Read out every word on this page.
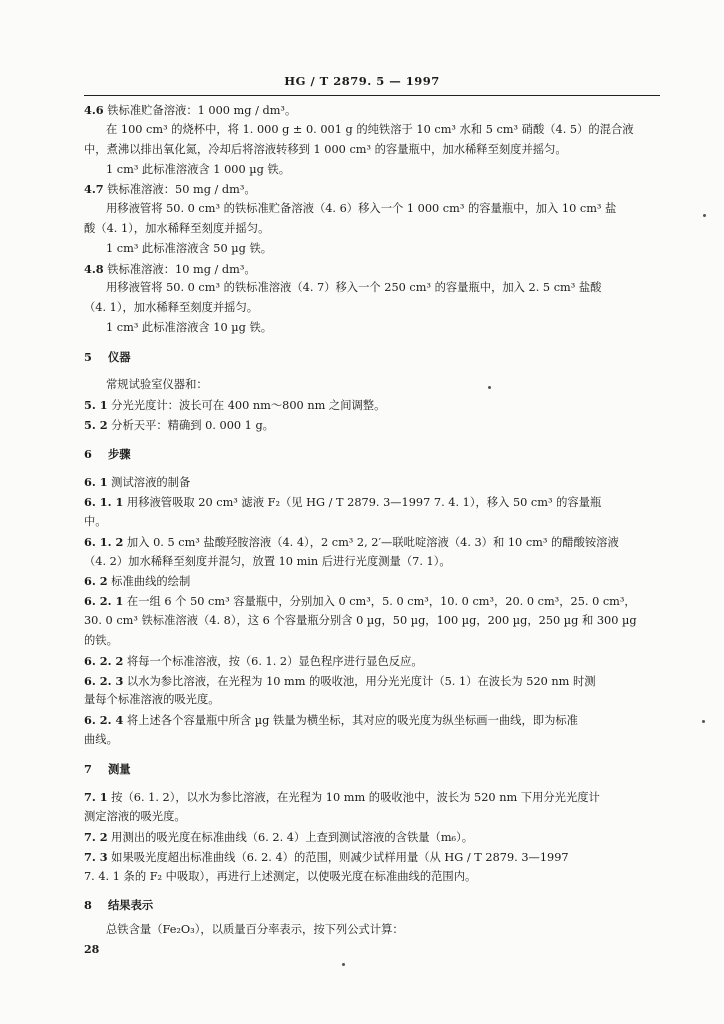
HG / T 2879. 5 — 1997
4.6 铁标准贮备溶液：1 000 mg / dm³。
在 100 cm³ 的烧杯中，将 1. 000 g ± 0. 001 g 的纯铁溶于 10 cm³ 水和 5 cm³ 硝酸（4. 5）的混合液
中，煮沸以排出氧化氮，冷却后将溶液转移到 1 000 cm³ 的容量瓶中，加水稀释至刻度并摇匀。
1 cm³ 此标准溶液含 1 000 µg 铁。
4.7 铁标准溶液：50 mg / dm³。
用移液管将 50. 0 cm³ 的铁标准贮备溶液（4. 6）移入一个 1 000 cm³ 的容量瓶中，加入 10 cm³ 盐
酸（4. 1），加水稀释至刻度并摇匀。
1 cm³ 此标准溶液含 50 µg 铁。
4.8 铁标准溶液：10 mg / dm³。
用移液管将 50. 0 cm³ 的铁标准溶液（4. 7）移入一个 250 cm³ 的容量瓶中，加入 2. 5 cm³ 盐酸
（4. 1），加水稀释至刻度并摇匀。
1 cm³ 此标准溶液含 10 µg 铁。
5 仪器
常规试验室仪器和：
5. 1 分光光度计：波长可在 400 nm～800 nm 之间调整。
5. 2 分析天平：精确到 0. 000 1 g。
6 步骤
6. 1 测试溶液的制备
6. 1. 1 用移液管吸取 20 cm³ 滤液 F₂（见 HG / T 2879. 3—1997 7. 4. 1），移入 50 cm³ 的容量瓶
中。
6. 1. 2 加入 0. 5 cm³ 盐酸羟胺溶液（4. 4），2 cm³ 2, 2′—联吡啶溶液（4. 3）和 10 cm³ 的醋酸铵溶液
（4. 2）加水稀释至刻度并混匀，放置 10 min 后进行光度测量（7. 1）。
6. 2 标准曲线的绘制
6. 2. 1 在一组 6 个 50 cm³ 容量瓶中，分别加入 0 cm³，5. 0 cm³，10. 0 cm³，20. 0 cm³，25. 0 cm³，
30. 0 cm³ 铁标准溶液（4. 8），这 6 个容量瓶分别含 0 µg，50 µg，100 µg，200 µg，250 µg 和 300 µg
的铁。
6. 2. 2 将每一个标准溶液，按（6. 1. 2）显色程序进行显色反应。
6. 2. 3 以水为参比溶液，在光程为 10 mm 的吸收池，用分光光度计（5. 1）在波长为 520 nm 时测
量每个标准溶液的吸光度。
6. 2. 4 将上述各个容量瓶中所含 µg 铁量为横坐标，其对应的吸光度为纵坐标画一曲线，即为标准
曲线。
7 测量
7. 1 按（6. 1. 2），以水为参比溶液，在光程为 10 mm 的吸收池中，波长为 520 nm 下用分光光度计
测定溶液的吸光度。
7. 2 用测出的吸光度在标准曲线（6. 2. 4）上查到测试溶液的含铁量（m₆）。
7. 3 如果吸光度超出标准曲线（6. 2. 4）的范围，则减少试样用量（从 HG / T 2879. 3—1997
7. 4. 1 条的 F₂ 中吸取），再进行上述测定，以使吸光度在标准曲线的范围内。
8 结果表示
总铁含量（Fe₂O₃），以质量百分率表示，按下列公式计算：
28
